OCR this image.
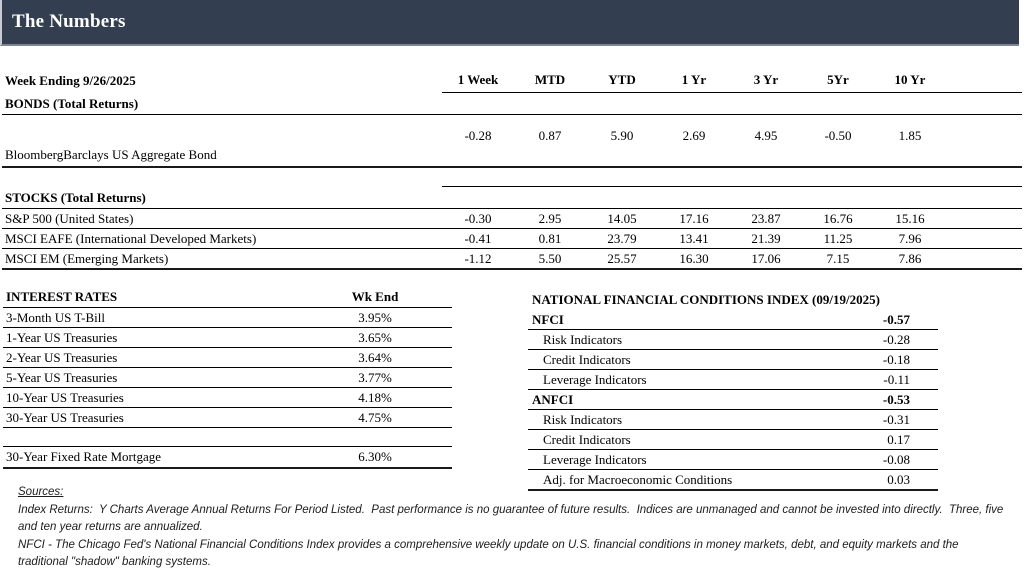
The Numbers
Week Ending 9/26/2025	1 Week	MTD	YTD	1 Yr	3 Yr	5Yr	10 Yr	
BONDS (Total Returns)								
BloombergBarclays US Aggregate Bond	-0.28	0.87	5.90	2.69	4.95	-0.50	1.85	

STOCKS (Total Returns)								
S&P 500 (United States)	-0.30	2.95	14.05	17.16	23.87	16.76	15.16	
MSCI EAFE (International Developed Markets)	-0.41	0.81	23.79	13.41	21.39	11.25	7.96	
MSCI EM (Emerging Markets)	-1.12	5.50	25.57	16.30	17.06	7.15	7.86	
INTEREST RATES	Wk End	
3-Month US T-Bill	3.95%	
1-Year US Treasuries	3.65%	
2-Year US Treasuries	3.64%	
5-Year US Treasuries	3.77%	
10-Year US Treasuries	4.18%	
30-Year US Treasuries	4.75%	

30-Year Fixed Rate Mortgage	6.30%	
NATIONAL FINANCIAL CONDITIONS INDEX (09/19/2025)	
NFCI	-0.57
Risk Indicators	-0.28
Credit Indicators	-0.18
Leverage Indicators	-0.11
ANFCI	-0.53
Risk Indicators	-0.31
Credit Indicators	0.17
Leverage Indicators	-0.08
Adj. for Macroeconomic Conditions	0.03

Sources:

Index Returns:  Y Charts Average Annual Returns For Period Listed.  Past performance is no guarantee of future results.  Indices are unmanaged and cannot be invested into directly.  Three, five and ten year returns are annualized.

NFCI - The Chicago Fed's National Financial Conditions Index provides a comprehensive weekly update on U.S. financial conditions in money markets, debt, and equity markets and the traditional "shadow" banking systems.
